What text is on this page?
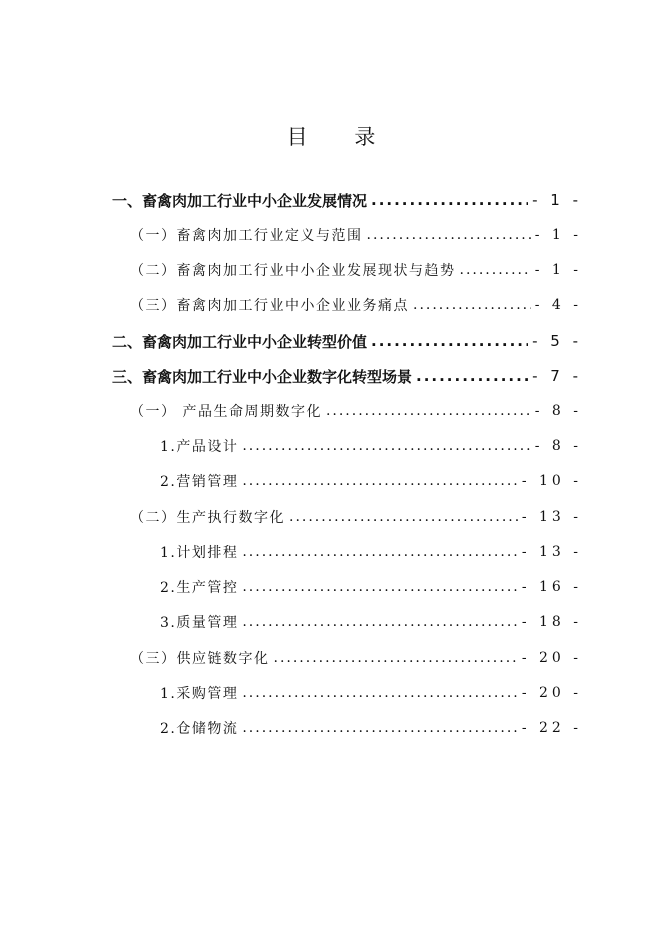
目 录
一、畜禽肉加工行业中小企业发展情况 .....	- 1 -
（一）畜禽肉加工行业定义与范围 .....	- 1 -
（二）畜禽肉加工行业中小企业发展现状与趋势 .....	- 1 -
（三）畜禽肉加工行业中小企业业务痛点 .....	- 4 -
二、畜禽肉加工行业中小企业转型价值 .....	- 5 -
三、畜禽肉加工行业中小企业数字化转型场景 .....	- 7 -
（一） 产品生命周期数字化 .....	- 8 -
1.产品设计 .....	- 8 -
2.营销管理 .....	- 10 -
（二）生产执行数字化 .....	- 13 -
1.计划排程 .....	- 13 -
2.生产管控 .....	- 16 -
3.质量管理 .....	- 18 -
（三）供应链数字化 .....	- 20 -
1.采购管理 .....	- 20 -
2.仓储物流 .....	- 22 -
